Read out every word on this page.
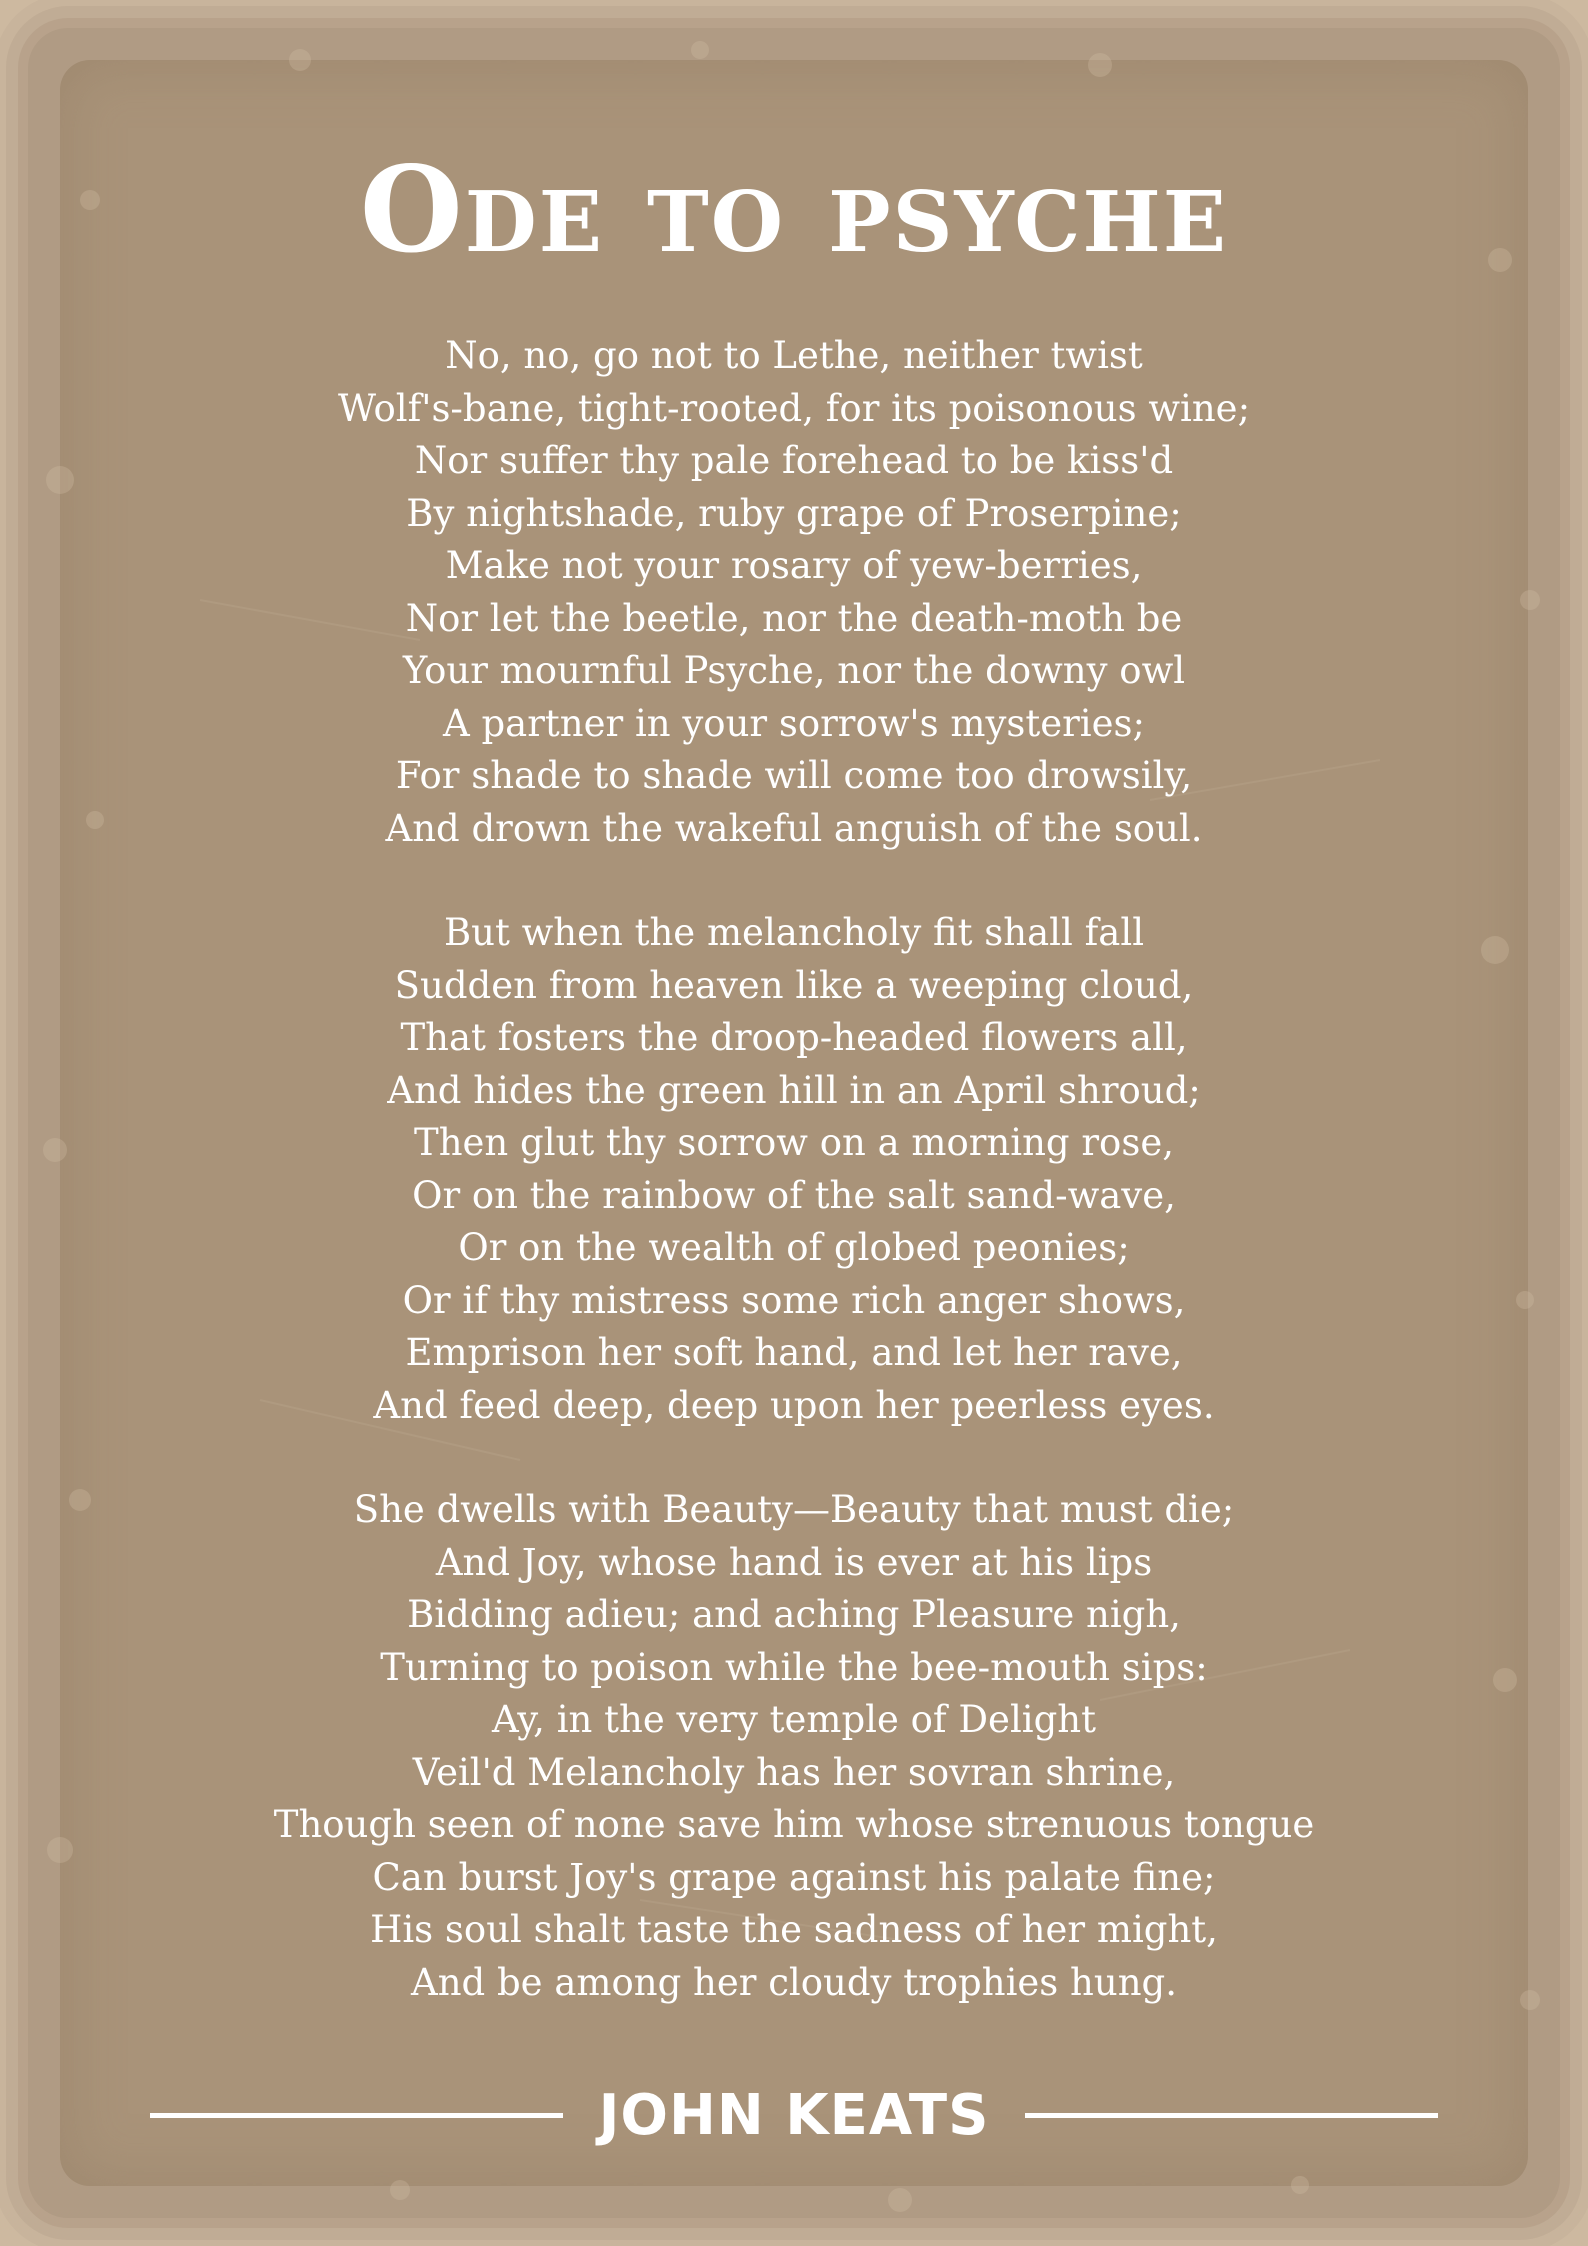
Ode to psyche
No, no, go not to Lethe, neither twist
Wolf's-bane, tight-rooted, for its poisonous wine;
Nor suffer thy pale forehead to be kiss'd
By nightshade, ruby grape of Proserpine;
Make not your rosary of yew-berries,
Nor let the beetle, nor the death-moth be
Your mournful Psyche, nor the downy owl
A partner in your sorrow's mysteries;
For shade to shade will come too drowsily,
And drown the wakeful anguish of the soul.
But when the melancholy fit shall fall
Sudden from heaven like a weeping cloud,
That fosters the droop-headed flowers all,
And hides the green hill in an April shroud;
Then glut thy sorrow on a morning rose,
Or on the rainbow of the salt sand-wave,
Or on the wealth of globed peonies;
Or if thy mistress some rich anger shows,
Emprison her soft hand, and let her rave,
And feed deep, deep upon her peerless eyes.
She dwells with Beauty—Beauty that must die;
And Joy, whose hand is ever at his lips
Bidding adieu; and aching Pleasure nigh,
Turning to poison while the bee-mouth sips:
Ay, in the very temple of Delight
Veil'd Melancholy has her sovran shrine,
Though seen of none save him whose strenuous tongue
Can burst Joy's grape against his palate fine;
His soul shalt taste the sadness of her might,
And be among her cloudy trophies hung.
JOHN KEATS
